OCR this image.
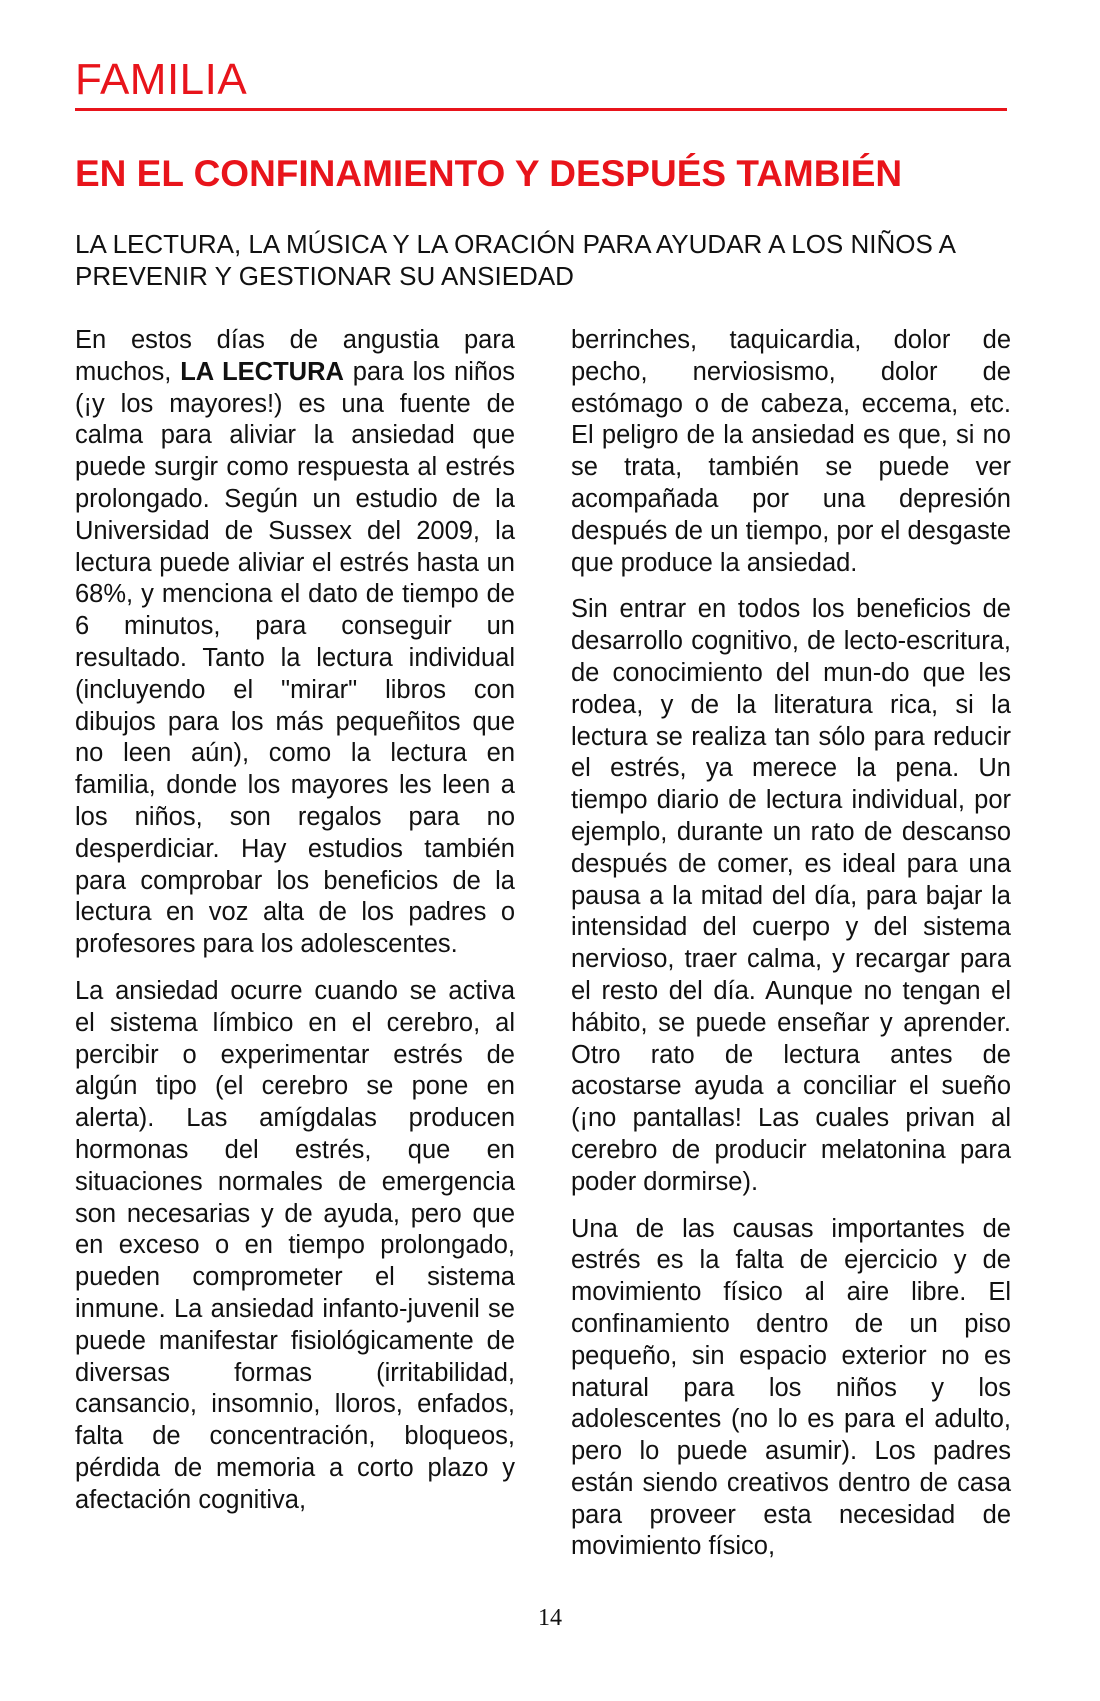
FAMILIA
EN EL CONFINAMIENTO Y DESPUÉS TAMBIÉN
LA LECTURA, LA MÚSICA Y LA ORACIÓN PARA AYUDAR A LOS NIÑOS A PREVENIR Y GESTIONAR SU ANSIEDAD

En estos días de angustia para muchos, LA LECTURA para los niños (¡y los mayores!) es una fuente de calma para aliviar la ansiedad que puede surgir como respuesta al estrés prolongado. Según un estudio de la Universidad de Sussex del 2009, la lectura puede aliviar el estrés hasta un 68%, y menciona el dato de tiempo de 6 minutos, para conseguir un resultado. Tanto la lectura individual (incluyendo el "mirar" libros con dibujos para los más pequeñitos que no leen aún), como la lectura en familia, donde los mayores les leen a los niños, son regalos para no desperdiciar. Hay estudios también para comprobar los beneficios de la lectura en voz alta de los padres o profesores para los adolescentes.

La ansiedad ocurre cuando se activa el sistema límbico en el cerebro, al percibir o experimentar estrés de algún tipo (el cerebro se pone en alerta). Las amígdalas producen hormonas del estrés, que en situaciones normales de emergencia son necesarias y de ayuda, pero que en exceso o en tiempo prolongado, pueden comprometer el sistema inmune. La ansiedad infanto-juvenil se puede manifestar fisiológicamente de diversas formas (irritabilidad, cansancio, insomnio, lloros, enfados, falta de concentración, bloqueos, pérdida de memoria a corto plazo y afectación cognitiva,

berrinches, taquicardia, dolor de pecho, nerviosismo, dolor de estómago o de cabeza, eccema, etc. El peligro de la ansiedad es que, si no se trata, también se puede ver acompañada por una depresión después de un tiempo, por el desgaste que produce la ansiedad.

Sin entrar en todos los beneficios de desarrollo cognitivo, de lecto-escritura, de conocimiento del mun-do que les rodea, y de la literatura rica, si la lectura se realiza tan sólo para reducir el estrés, ya merece la pena. Un tiempo diario de lectura individual, por ejemplo, durante un rato de descanso después de comer, es ideal para una pausa a la mitad del día, para bajar la intensidad del cuerpo y del sistema nervioso, traer calma, y recargar para el resto del día. Aunque no tengan el hábito, se puede enseñar y aprender. Otro rato de lectura antes de acostarse ayuda a conciliar el sueño (¡no pantallas! Las cuales privan al cerebro de producir melatonina para poder dormirse).

Una de las causas importantes de estrés es la falta de ejercicio y de movimiento físico al aire libre. El confinamiento dentro de un piso pequeño, sin espacio exterior no es natural para los niños y los adolescentes (no lo es para el adulto, pero lo puede asumir). Los padres están siendo creativos dentro de casa para proveer esta necesidad de movimiento físico,

14
